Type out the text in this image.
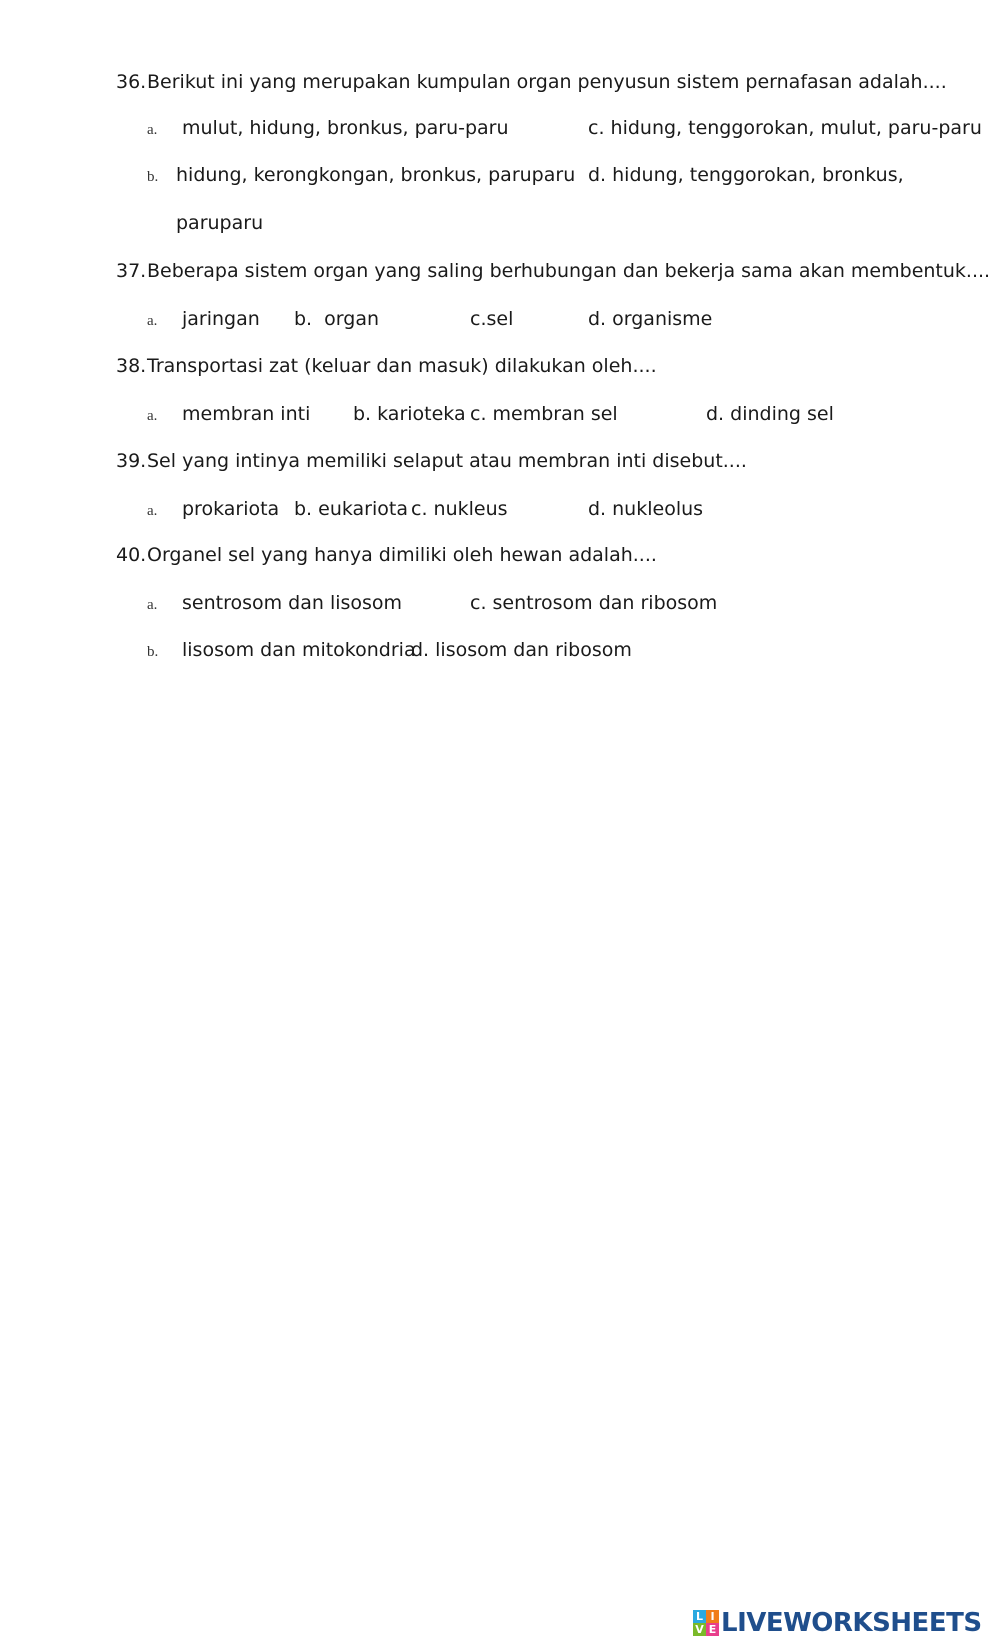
36. Berikut ini yang merupakan kumpulan organ penyusun sistem pernafasan adalah....
a. mulut, hidung, bronkus, paru-paru	c. hidung, tenggorokan, mulut, paru-paru
b. hidung, kerongkongan, bronkus, paruparu d. hidung, tenggorokan, bronkus,
paruparu
37. Beberapa sistem organ yang saling berhubungan dan bekerja sama akan membentuk....
a. jaringan b.  organ	c.sel	d. organisme
38. Transportasi zat (keluar dan masuk) dilakukan oleh....
a. membran inti b. karioteka c. membran sel	d. dinding sel
39. Sel yang intinya memiliki selaput atau membran inti disebut....
a. prokariota b. eukariota c. nukleus	d. nukleolus
40. Organel sel yang hanya dimiliki oleh hewan adalah....
a. sentrosom dan lisosom	c. sentrosom dan ribosom
b. lisosom dan mitokondria
d. lisosom dan ribosom
L I
V E LIVEWORKSHEETS
